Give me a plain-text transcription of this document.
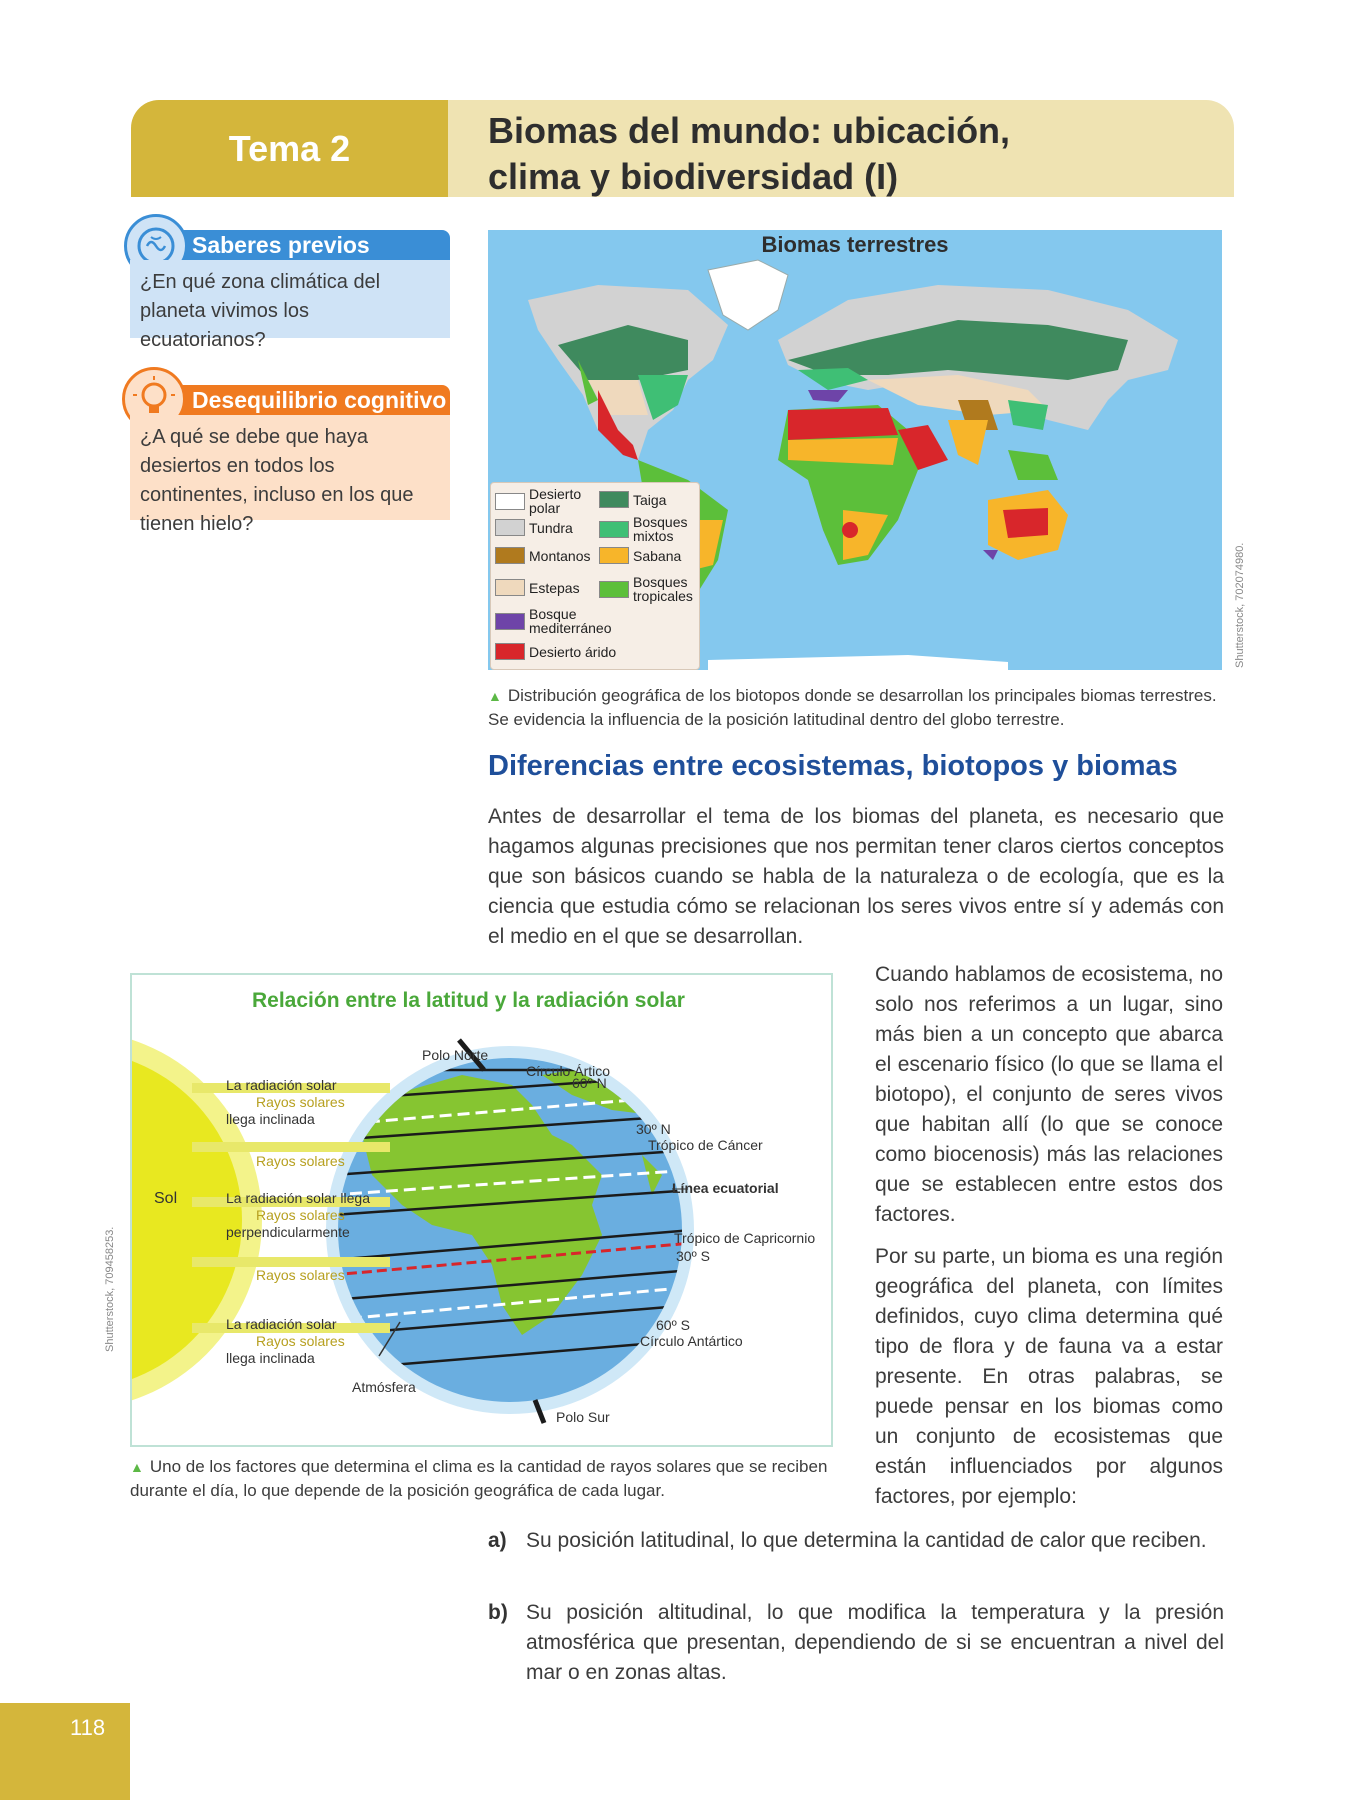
Tema 2	Biomas del mundo: ubicación,
clima y biodiversidad (I)
Saberes previos
¿En qué zona climática del planeta vivimos los ecuatorianos?
Desequilibrio cognitivo
¿A qué se debe que haya desiertos en todos los continentes, incluso en los que tienen hielo?
Biomas terrestres
Desierto polar
Taiga
Tundra	Bosques mixtos
Montanos	Sabana
Estepas	Bosques tropicales
Bosque mediterráneo
Desierto árido	Shutterstock, 702074980.
▲ Distribución geográfica de los biotopos donde se desarrollan los principales biomas terrestres. Se evidencia la influencia de la posición latitudinal dentro del globo terrestre.
Diferencias entre ecosistemas, biotopos y biomas
Antes de desarrollar el tema de los biomas del planeta, es necesario que hagamos algunas precisiones que nos permitan tener claros ciertos conceptos que son básicos cuando se habla de la naturaleza o de ecología, que es la ciencia que estudia cómo se relacionan los seres vivos entre sí y además con el medio en el que se desarrollan.
Cuando hablamos de ecosistema, no solo nos referimos a un lugar, sino más bien a un concepto que abarca el escenario físico (lo que se llama el biotopo), el conjunto de seres vivos que habitan allí (lo que se conoce como biocenosis) más las relaciones que se establecen entre estos dos factores.
Por su parte, un bioma es una región geográfica del planeta, con límites definidos, cuyo clima determina qué tipo de flora y de fauna va a estar presente. En otras palabras, se puede pensar en los biomas como un conjunto de ecosistemas que están influenciados por algunos factores, por ejemplo:
Relación entre la latitud y la radiación solar
Sol
Polo Norte
Círculo Ártico
60º N
30º N
Trópico de Cáncer
Línea ecuatorial
Trópico de Capricornio
30º S
60º S
Círculo Antártico
Atmósfera
Polo Sur
La radiación solar
Rayos solares
llega inclinada
Rayos solares
La radiación solar llega
Rayos solares
perpendicularmente
Rayos solares
La radiación solar
Rayos solares
llega inclinada
Shutterstock, 709458253.
▲ Uno de los factores que determina el clima es la cantidad de rayos solares que se reciben durante el día, lo que depende de la posición geográfica de cada lugar.
a) Su posición latitudinal, lo que determina la cantidad de calor que reciben.
b) Su posición altitudinal, lo que modifica la temperatura y la presión atmosférica que presentan, dependiendo de si se encuentran a nivel del mar o en zonas altas.
118
